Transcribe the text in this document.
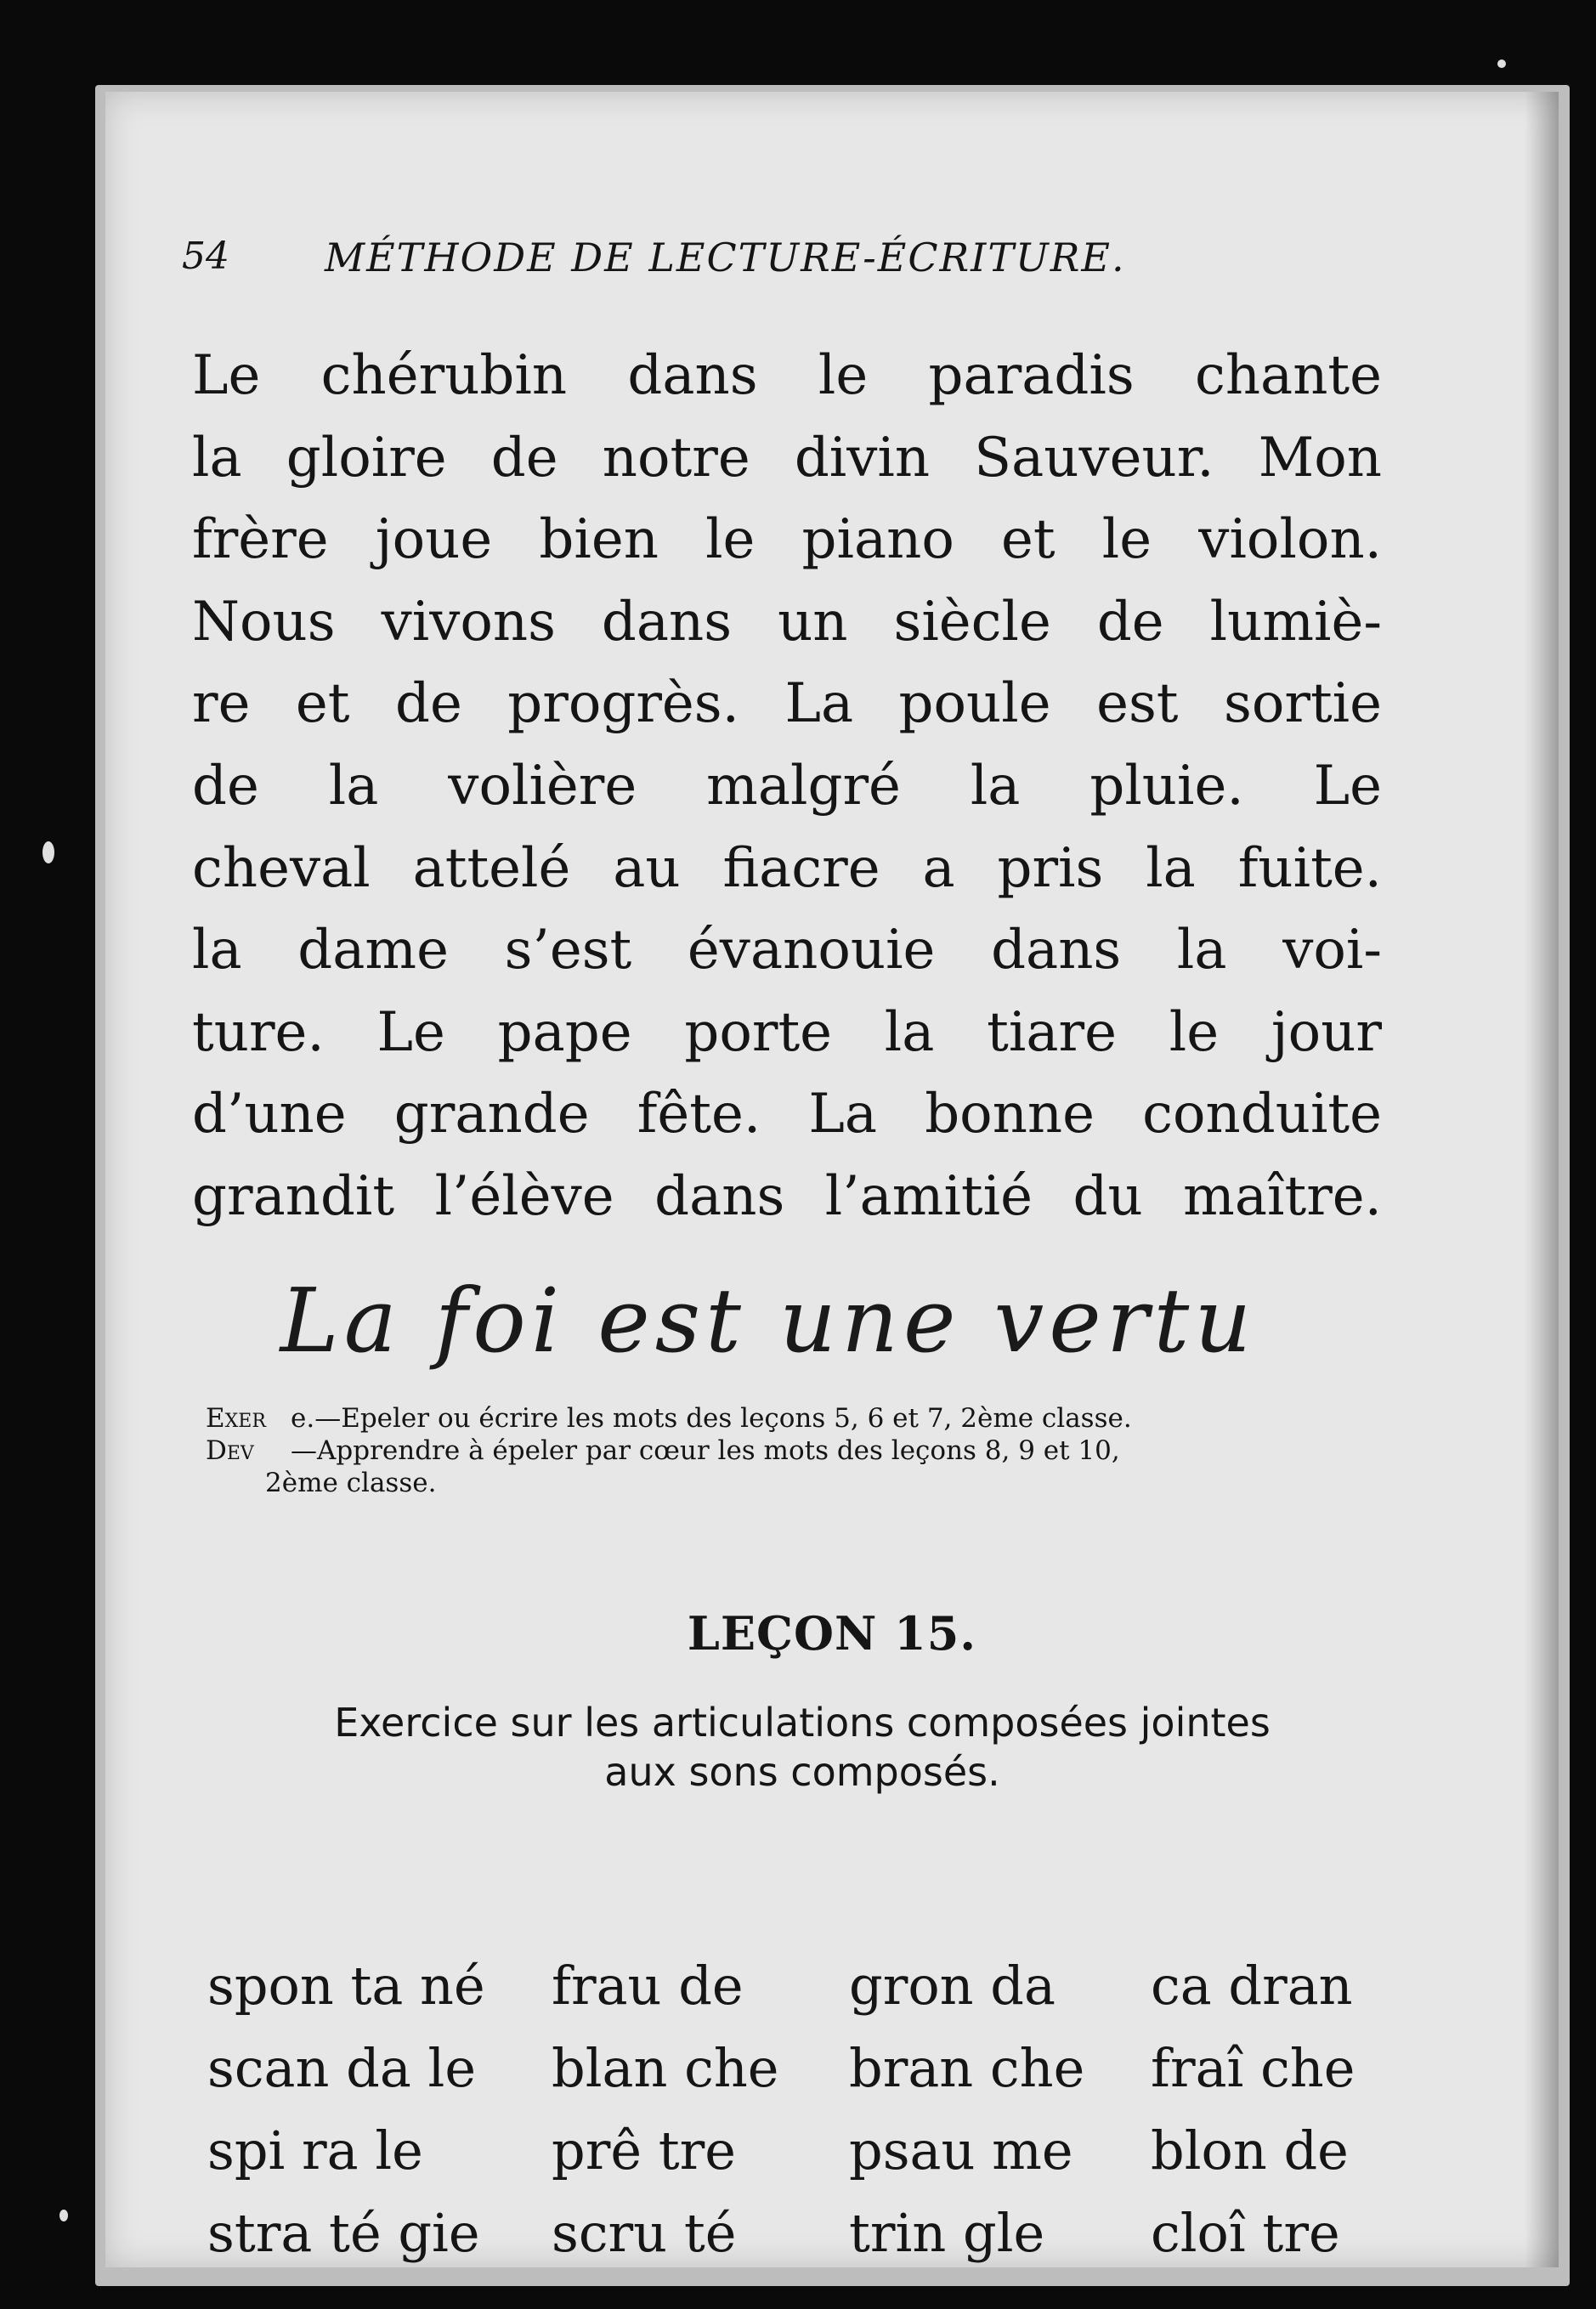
54 MÉTHODE DE LECTURE-ÉCRITURE.
Le chérubin dans le paradis chante
la gloire de notre divin Sauveur. Mon
frère joue bien le piano et le violon.
Nous vivons dans un siècle de lumiè-
re et de progrès. La poule est sortie
de la volière malgré la pluie. Le
cheval attelé au fiacre a pris la fuite.
la dame s’est évanouie dans la voi-
ture. Le pape porte la tiare le jour
d’une grande fête. La bonne conduite
grandit l’élève dans l’amitié du maître.
La foi est une vertu
Exer e.—Epeler ou écrire les mots des leçons 5, 6 et 7, 2ème classe.
Dev	—Apprendre à épeler par cœur les mots des leçons 8, 9 et 10,
2ème classe.
LEÇON 15.
Exercice sur les articulations composées jointes
aux sons composés.
spon ta né	frau de	gron da	ca dran
scan da le	blan che	bran che	fraî che
spi ra le	prê tre	psau me	blon de
stra té gie	scru té	trin gle	cloî tre
